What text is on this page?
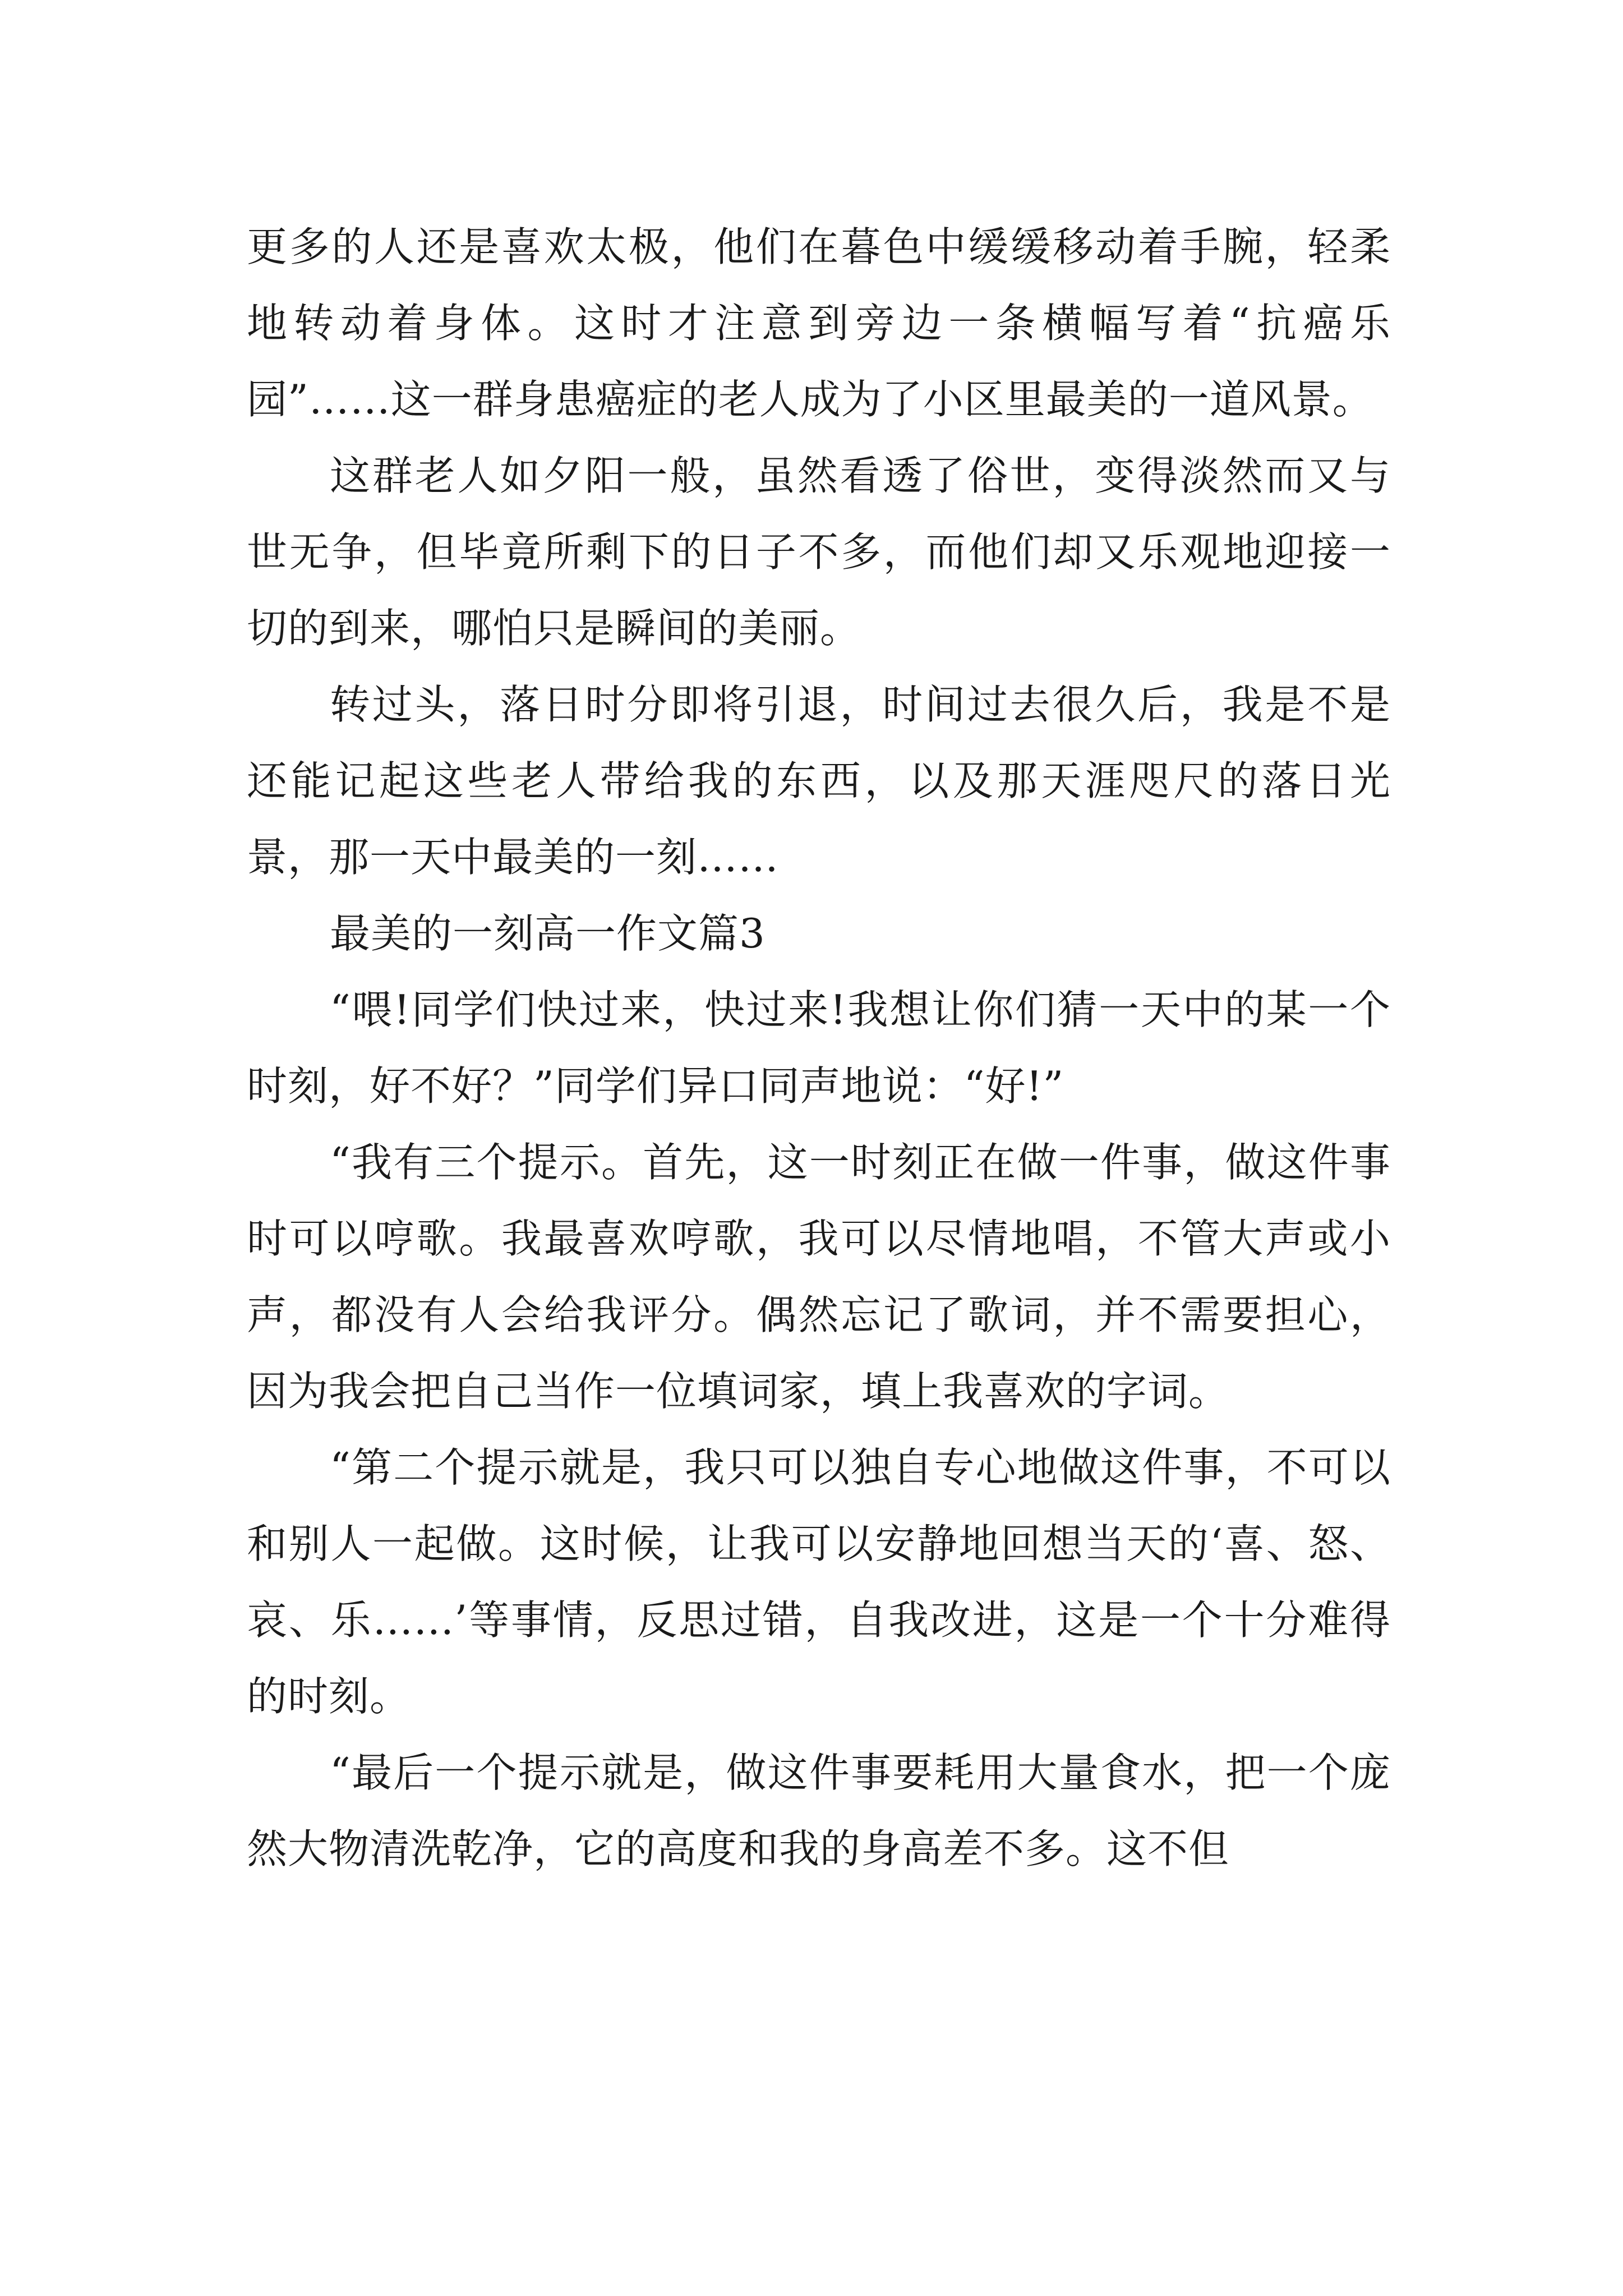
更多的人还是喜欢太极，他们在暮色中缓缓移动着手腕，轻柔地转动着身体。这时才注意到旁边一条横幅写着“抗癌乐园”……这一群身患癌症的老人成为了小区里最美的一道风景。

这群老人如夕阳一般，虽然看透了俗世，变得淡然而又与世无争，但毕竟所剩下的日子不多，而他们却又乐观地迎接一切的到来，哪怕只是瞬间的美丽。

转过头，落日时分即将引退，时间过去很久后，我是不是还能记起这些老人带给我的东西，以及那天涯咫尺的落日光景，那一天中最美的一刻……

最美的一刻高一作文篇3

“喂!同学们快过来，快过来!我想让你们猜一天中的某一个时刻，好不好？”同学们异口同声地说：“好!”

“我有三个提示。首先，这一时刻正在做一件事，做这件事时可以哼歌。我最喜欢哼歌，我可以尽情地唱，不管大声或小声，都没有人会给我评分。偶然忘记了歌词，并不需要担心，因为我会把自己当作一位填词家，填上我喜欢的字词。

“第二个提示就是，我只可以独自专心地做这件事，不可以和别人一起做。这时候，让我可以安静地回想当天的‘喜、怒、哀、乐……’等事情，反思过错，自我改进，这是一个十分难得的时刻。

“最后一个提示就是，做这件事要耗用大量食水，把一个庞然大物清洗乾净，它的高度和我的身高差不多。这不但
